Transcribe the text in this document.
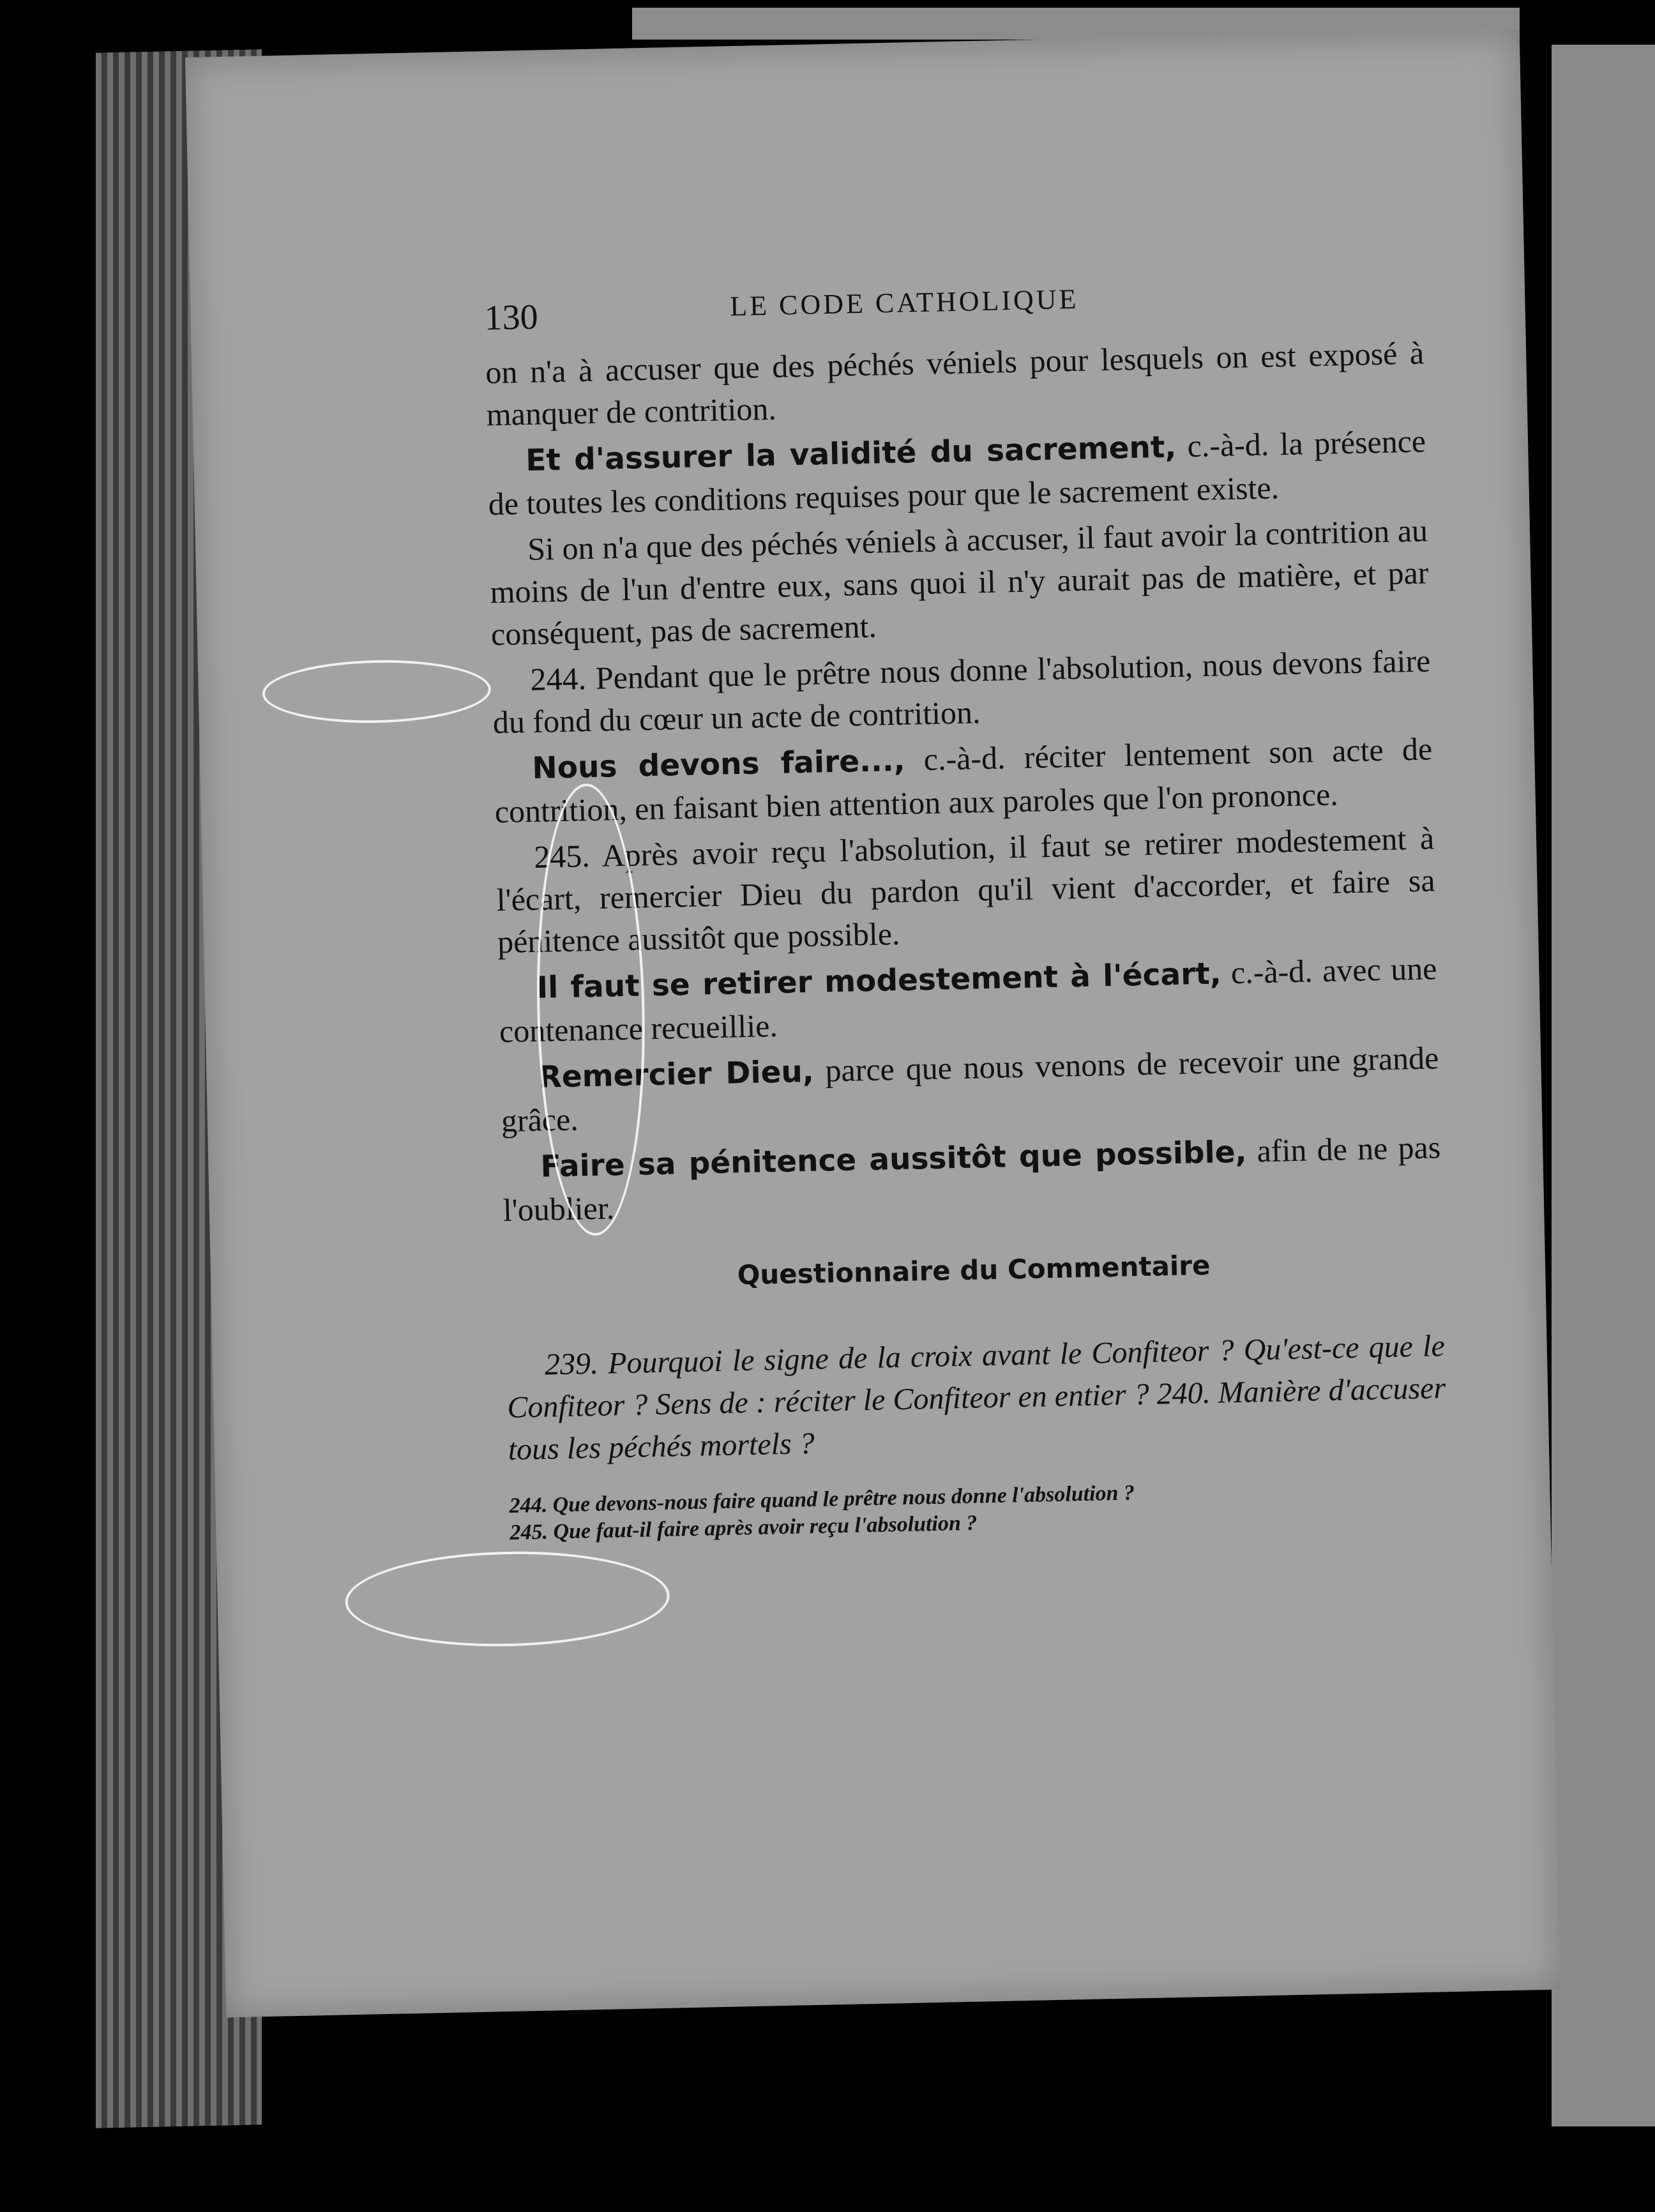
130	LE CODE CATHOLIQUE

on n'a à accuser que des péchés véniels pour lesquels on est exposé à manquer de contrition.

Et d'assurer la validité du sacrement, c.-à-d. la présence de toutes les conditions requises pour que le sacrement existe.

Si on n'a que des péchés véniels à accuser, il faut avoir la contrition au moins de l'un d'entre eux, sans quoi il n'y aurait pas de matière, et par conséquent, pas de sacrement.

244. Pendant que le prêtre nous donne l'absolution, nous devons faire du fond du cœur un acte de contrition.

Nous devons faire..., c.-à-d. réciter lentement son acte de contrition, en faisant bien attention aux paroles que l'on prononce.

245. Après avoir reçu l'absolution, il faut se retirer modestement à l'écart, remercier Dieu du pardon qu'il vient d'accorder, et faire sa pénitence aussitôt que possible.

Il faut se retirer modestement à l'écart, c.-à-d. avec une contenance recueillie.

Remercier Dieu, parce que nous venons de recevoir une grande grâce.

Faire sa pénitence aussitôt que possible, afin de ne pas l'oublier.

Questionnaire du Commentaire

239. Pourquoi le signe de la croix avant le Confiteor ? Qu'est-ce que le Confiteor ? Sens de : réciter le Confiteor en entier ? 240. Manière d'accuser tous les péchés mortels ?

244. Que devons-nous faire quand le prêtre nous donne l'absolution ?

245. Que faut-il faire après avoir reçu l'absolution ?
